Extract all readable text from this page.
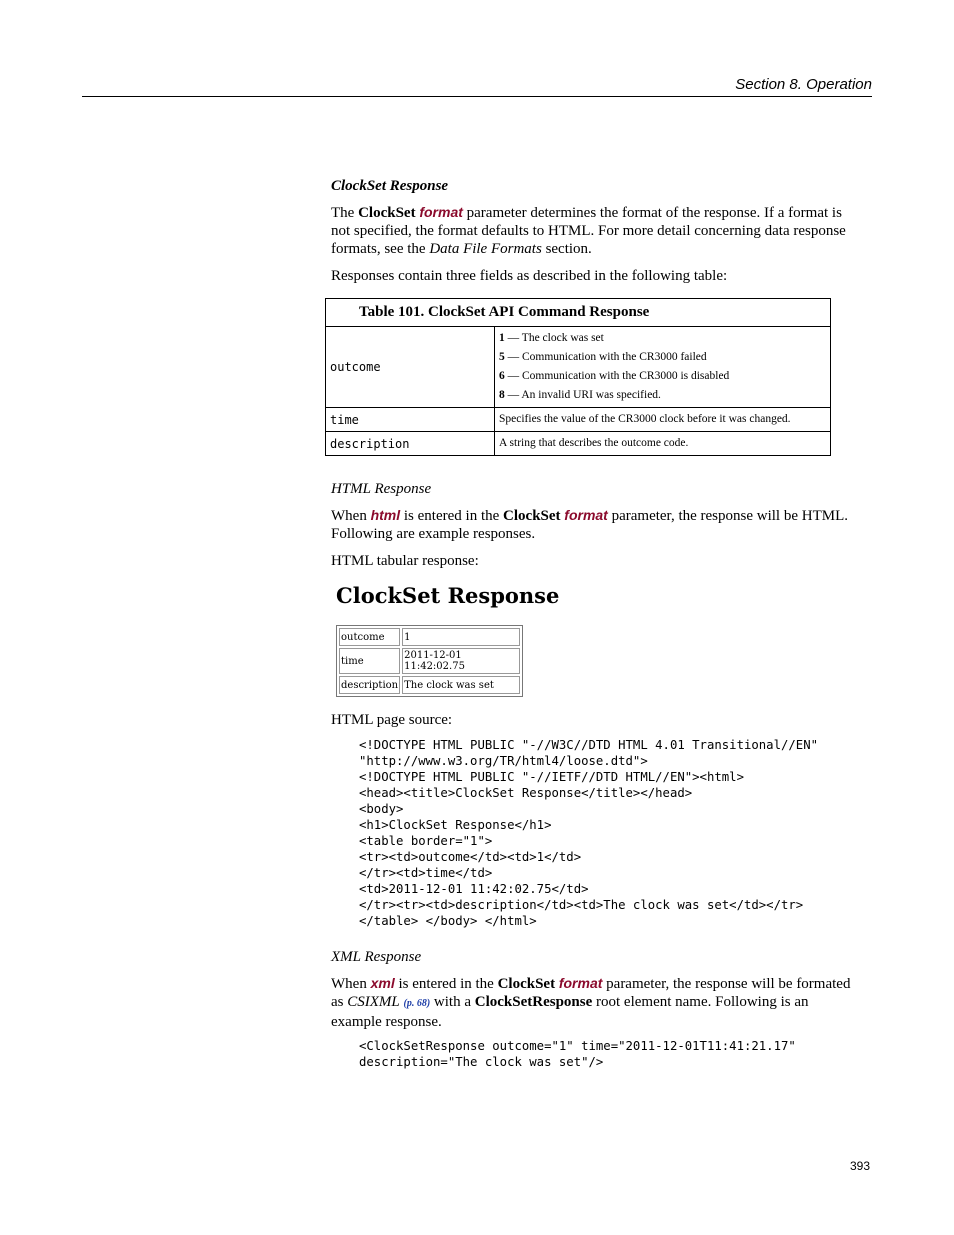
Section 8. Operation
ClockSet Response

The ClockSet format parameter determines the format of the response. If a format is not specified, the format defaults to HTML. For more detail concerning data response formats, see the Data File Formats section.

Responses contain three fields as described in the following table:

Table 101. ClockSet API Command Response	
outcome	1 — The clock was set
5 — Communication with the CR3000 failed
6 — Communication with the CR3000 is disabled
8 — An invalid URI was specified.

time	Specifies the value of the CR3000 clock before it was changed.
description	A string that describes the outcome code.
HTML Response

When html is entered in the ClockSet format parameter, the response will be HTML. Following are example responses.

HTML tabular response:

ClockSet Response
outcome	1
time	2011-12-01 11:42:02.75
description	The clock was set

HTML page source:

<!DOCTYPE HTML PUBLIC "-//W3C//DTD HTML 4.01 Transitional//EN"
"http://www.w3.org/TR/html4/loose.dtd">
<!DOCTYPE HTML PUBLIC "-//IETF//DTD HTML//EN"><html>
<head><title>ClockSet Response</title></head>
<body>
<h1>ClockSet Response</h1>
<table border="1">
<tr><td>outcome</td><td>1</td>
</tr><td>time</td>
<td>2011-12-01 11:42:02.75</td>
</tr><tr><td>description</td><td>The clock was set</td></tr>
</table> </body> </html>
XML Response

When xml is entered in the ClockSet format parameter, the response will be formated as CSIXML (p. 68) with a ClockSetResponse root element name. Following is an example response.

<ClockSetResponse outcome="1" time="2011-12-01T11:41:21.17"
description="The clock was set"/>
393
